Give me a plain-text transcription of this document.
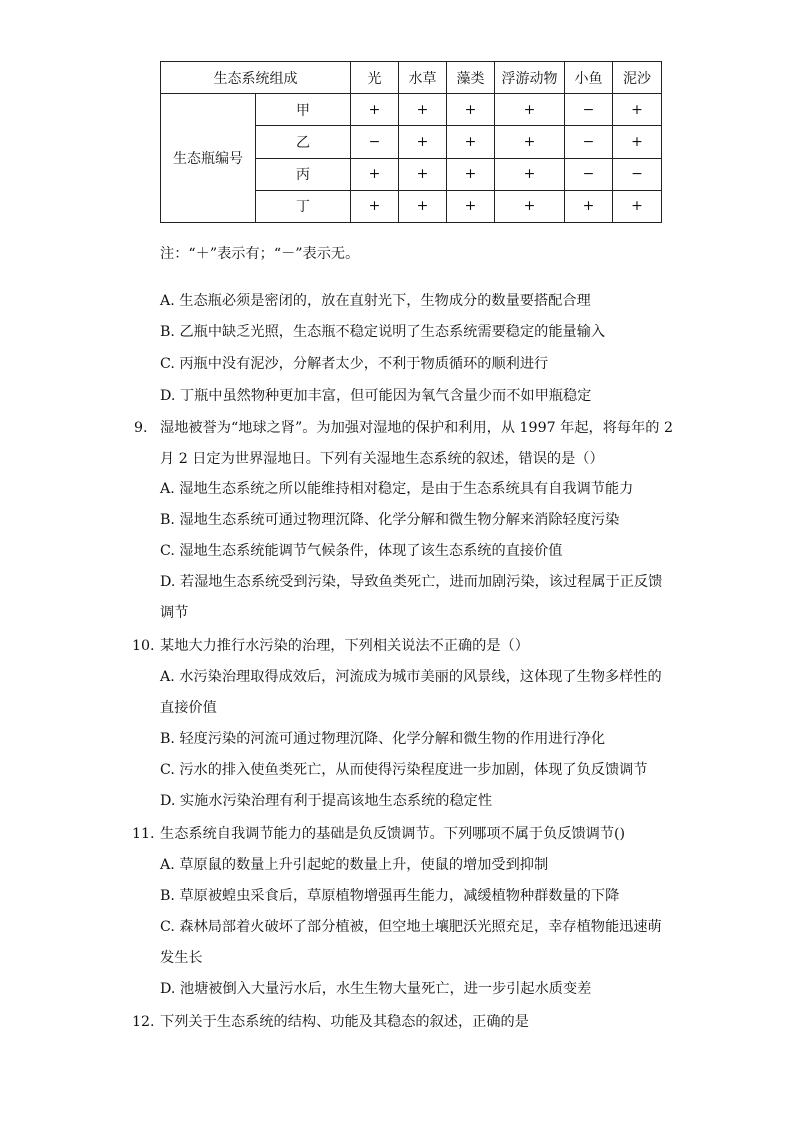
生态系统组成		光	水草	藻类	浮游动物	小鱼	泥沙
生态瓶编号	甲	+	+	+	+	−	+
	乙	−	+	+	+	−	+
	丙	+	+	+	+	−	−
	丁	+	+	+	+	+	+
注：“＋”表示有；“－”表示无。
A. 生态瓶必须是密闭的，放在直射光下，生物成分的数量要搭配合理
B. 乙瓶中缺乏光照，生态瓶不稳定说明了生态系统需要稳定的能量输入
C. 丙瓶中没有泥沙，分解者太少，不利于物质循环的顺利进行
D. 丁瓶中虽然物种更加丰富，但可能因为氧气含量少而不如甲瓶稳定
9. 湿地被誉为“地球之肾”。为加强对湿地的保护和利用，从 1997 年起，将每年的 2
月 2 日定为世界湿地日。下列有关湿地生态系统的叙述，错误的是（）
A. 湿地生态系统之所以能维持相对稳定，是由于生态系统具有自我调节能力
B. 湿地生态系统可通过物理沉降、化学分解和微生物分解来消除轻度污染
C. 湿地生态系统能调节气候条件，体现了该生态系统的直接价值
D. 若湿地生态系统受到污染，导致鱼类死亡，进而加剧污染，该过程属于正反馈
调节
10. 某地大力推行水污染的治理，下列相关说法不正确的是（）
A. 水污染治理取得成效后，河流成为城市美丽的风景线，这体现了生物多样性的
直接价值
B. 轻度污染的河流可通过物理沉降、化学分解和微生物的作用进行净化
C. 污水的排入使鱼类死亡，从而使得污染程度进一步加剧，体现了负反馈调节
D. 实施水污染治理有利于提高该地生态系统的稳定性
11. 生态系统自我调节能力的基础是负反馈调节。下列哪项不属于负反馈调节()
A. 草原鼠的数量上升引起蛇的数量上升，使鼠的增加受到抑制
B. 草原被蝗虫采食后，草原植物增强再生能力，减缓植物种群数量的下降
C. 森林局部着火破坏了部分植被，但空地土壤肥沃光照充足，幸存植物能迅速萌
发生长
D. 池塘被倒入大量污水后，水生生物大量死亡，进一步引起水质变差
12. 下列关于生态系统的结构、功能及其稳态的叙述，正确的是
